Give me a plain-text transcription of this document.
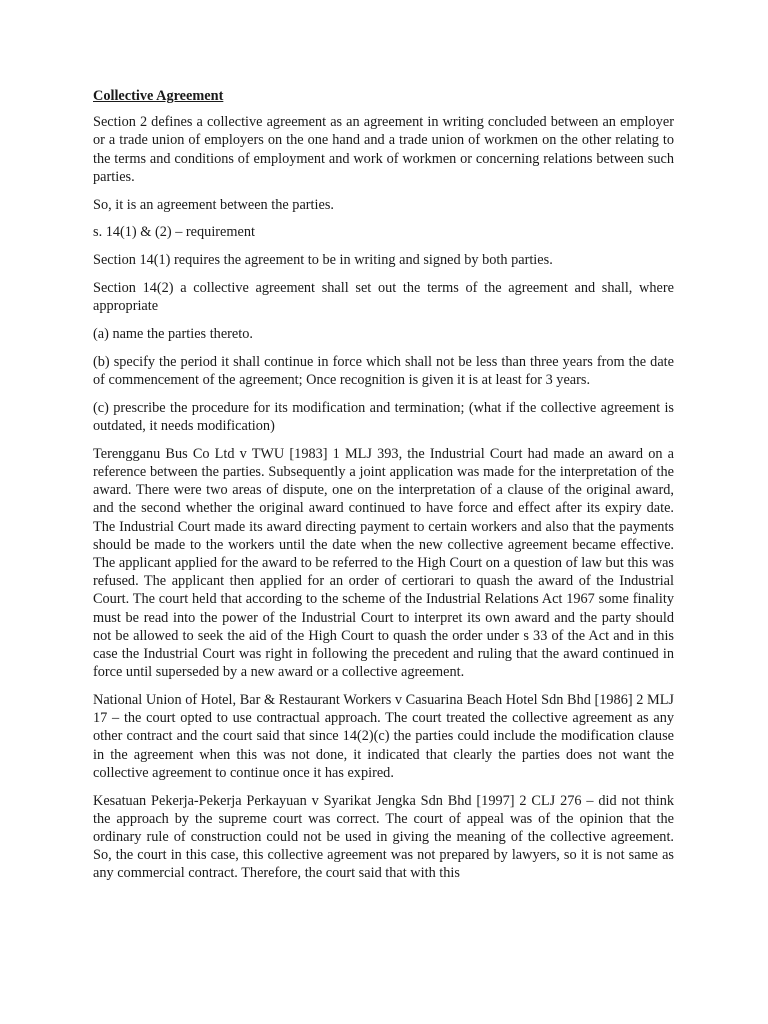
Collective Agreement

Section 2 defines a collective agreement as an agreement in writing concluded between an employer or a trade union of employers on the one hand and a trade union of workmen on the other relating to the terms and conditions of employment and work of workmen or concerning relations between such parties.

So, it is an agreement between the parties.

s. 14(1) & (2) – requirement

Section 14(1) requires the agreement to be in writing and signed by both parties.

Section 14(2) a collective agreement shall set out the terms of the agreement and shall, where appropriate

(a) name the parties thereto.

(b) specify the period it shall continue in force which shall not be less than three years from the date of commencement of the agreement; Once recognition is given it is at least for 3 years.

(c) prescribe the procedure for its modification and termination; (what if the collective agreement is outdated, it needs modification)

Terengganu Bus Co Ltd v TWU [1983] 1 MLJ 393, the Industrial Court had made an award on a reference between the parties. Subsequently a joint application was made for the interpretation of the award. There were two areas of dispute, one on the interpretation of a clause of the original award, and the second whether the original award continued to have force and effect after its expiry date. The Industrial Court made its award directing payment to certain workers and also that the payments should be made to the workers until the date when the new collective agreement became effective. The applicant applied for the award to be referred to the High Court on a question of law but this was refused. The applicant then applied for an order of certiorari to quash the award of the Industrial Court. The court held that according to the scheme of the Industrial Relations Act 1967 some finality must be read into the power of the Industrial Court to interpret its own award and the party should not be allowed to seek the aid of the High Court to quash the order under s 33 of the Act and in this case the Industrial Court was right in following the precedent and ruling that the award continued in force until superseded by a new award or a collective agreement.

National Union of Hotel, Bar & Restaurant Workers v Casuarina Beach Hotel Sdn Bhd [1986] 2 MLJ 17 – the court opted to use contractual approach. The court treated the collective agreement as any other contract and the court said that since 14(2)(c) the parties could include the modification clause in the agreement when this was not done, it indicated that clearly the parties does not want the collective agreement to continue once it has expired.

Kesatuan Pekerja-Pekerja Perkayuan v Syarikat Jengka Sdn Bhd [1997] 2 CLJ 276 – did not think the approach by the supreme court was correct. The court of appeal was of the opinion that the ordinary rule of construction could not be used in giving the meaning of the collective agreement. So, the court in this case, this collective agreement was not prepared by lawyers, so it is not same as any commercial contract. Therefore, the court said that with this
